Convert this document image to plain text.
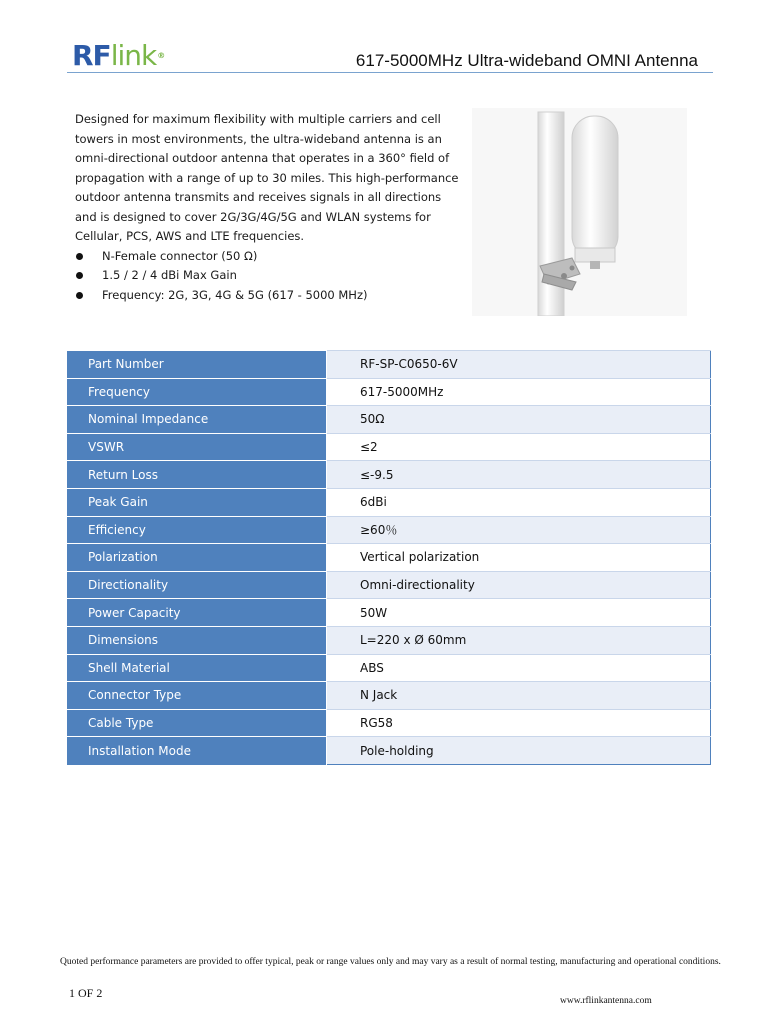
RFlink®	617-5000MHz Ultra-wideband OMNI Antenna

Designed for maximum flexibility with multiple carriers and cell towers in most environments, the ultra-wideband antenna is an omni-directional outdoor antenna that operates in a 360° field of propagation with a range of up to 30 miles. This high-performance outdoor antenna transmits and receives signals in all directions and is designed to cover 2G/3G/4G/5G and WLAN systems for Cellular, PCS, AWS and LTE frequencies.

N-Female connector (50 Ω)
1.5 / 2 / 4 dBi Max Gain
Frequency: 2G, 3G, 4G & 5G (617 - 5000 MHz)
Part Number	RF-SP-C0650-6V
Frequency	617-5000MHz
Nominal Impedance	50Ω
VSWR	≤2
Return Loss	≤-9.5
Peak Gain	6dBi
Efficiency	≥60％
Polarization	Vertical polarization
Directionality	Omni-directionality
Power Capacity	50W
Dimensions	L=220 x Ø 60mm
Shell Material	ABS
Connector Type	N Jack
Cable Type	RG58
Installation Mode	Pole-holding
Quoted performance parameters are provided to offer typical, peak or range values only and may vary as a result of normal testing, manufacturing and operational conditions.
1 OF 2
www.rflinkantenna.com
